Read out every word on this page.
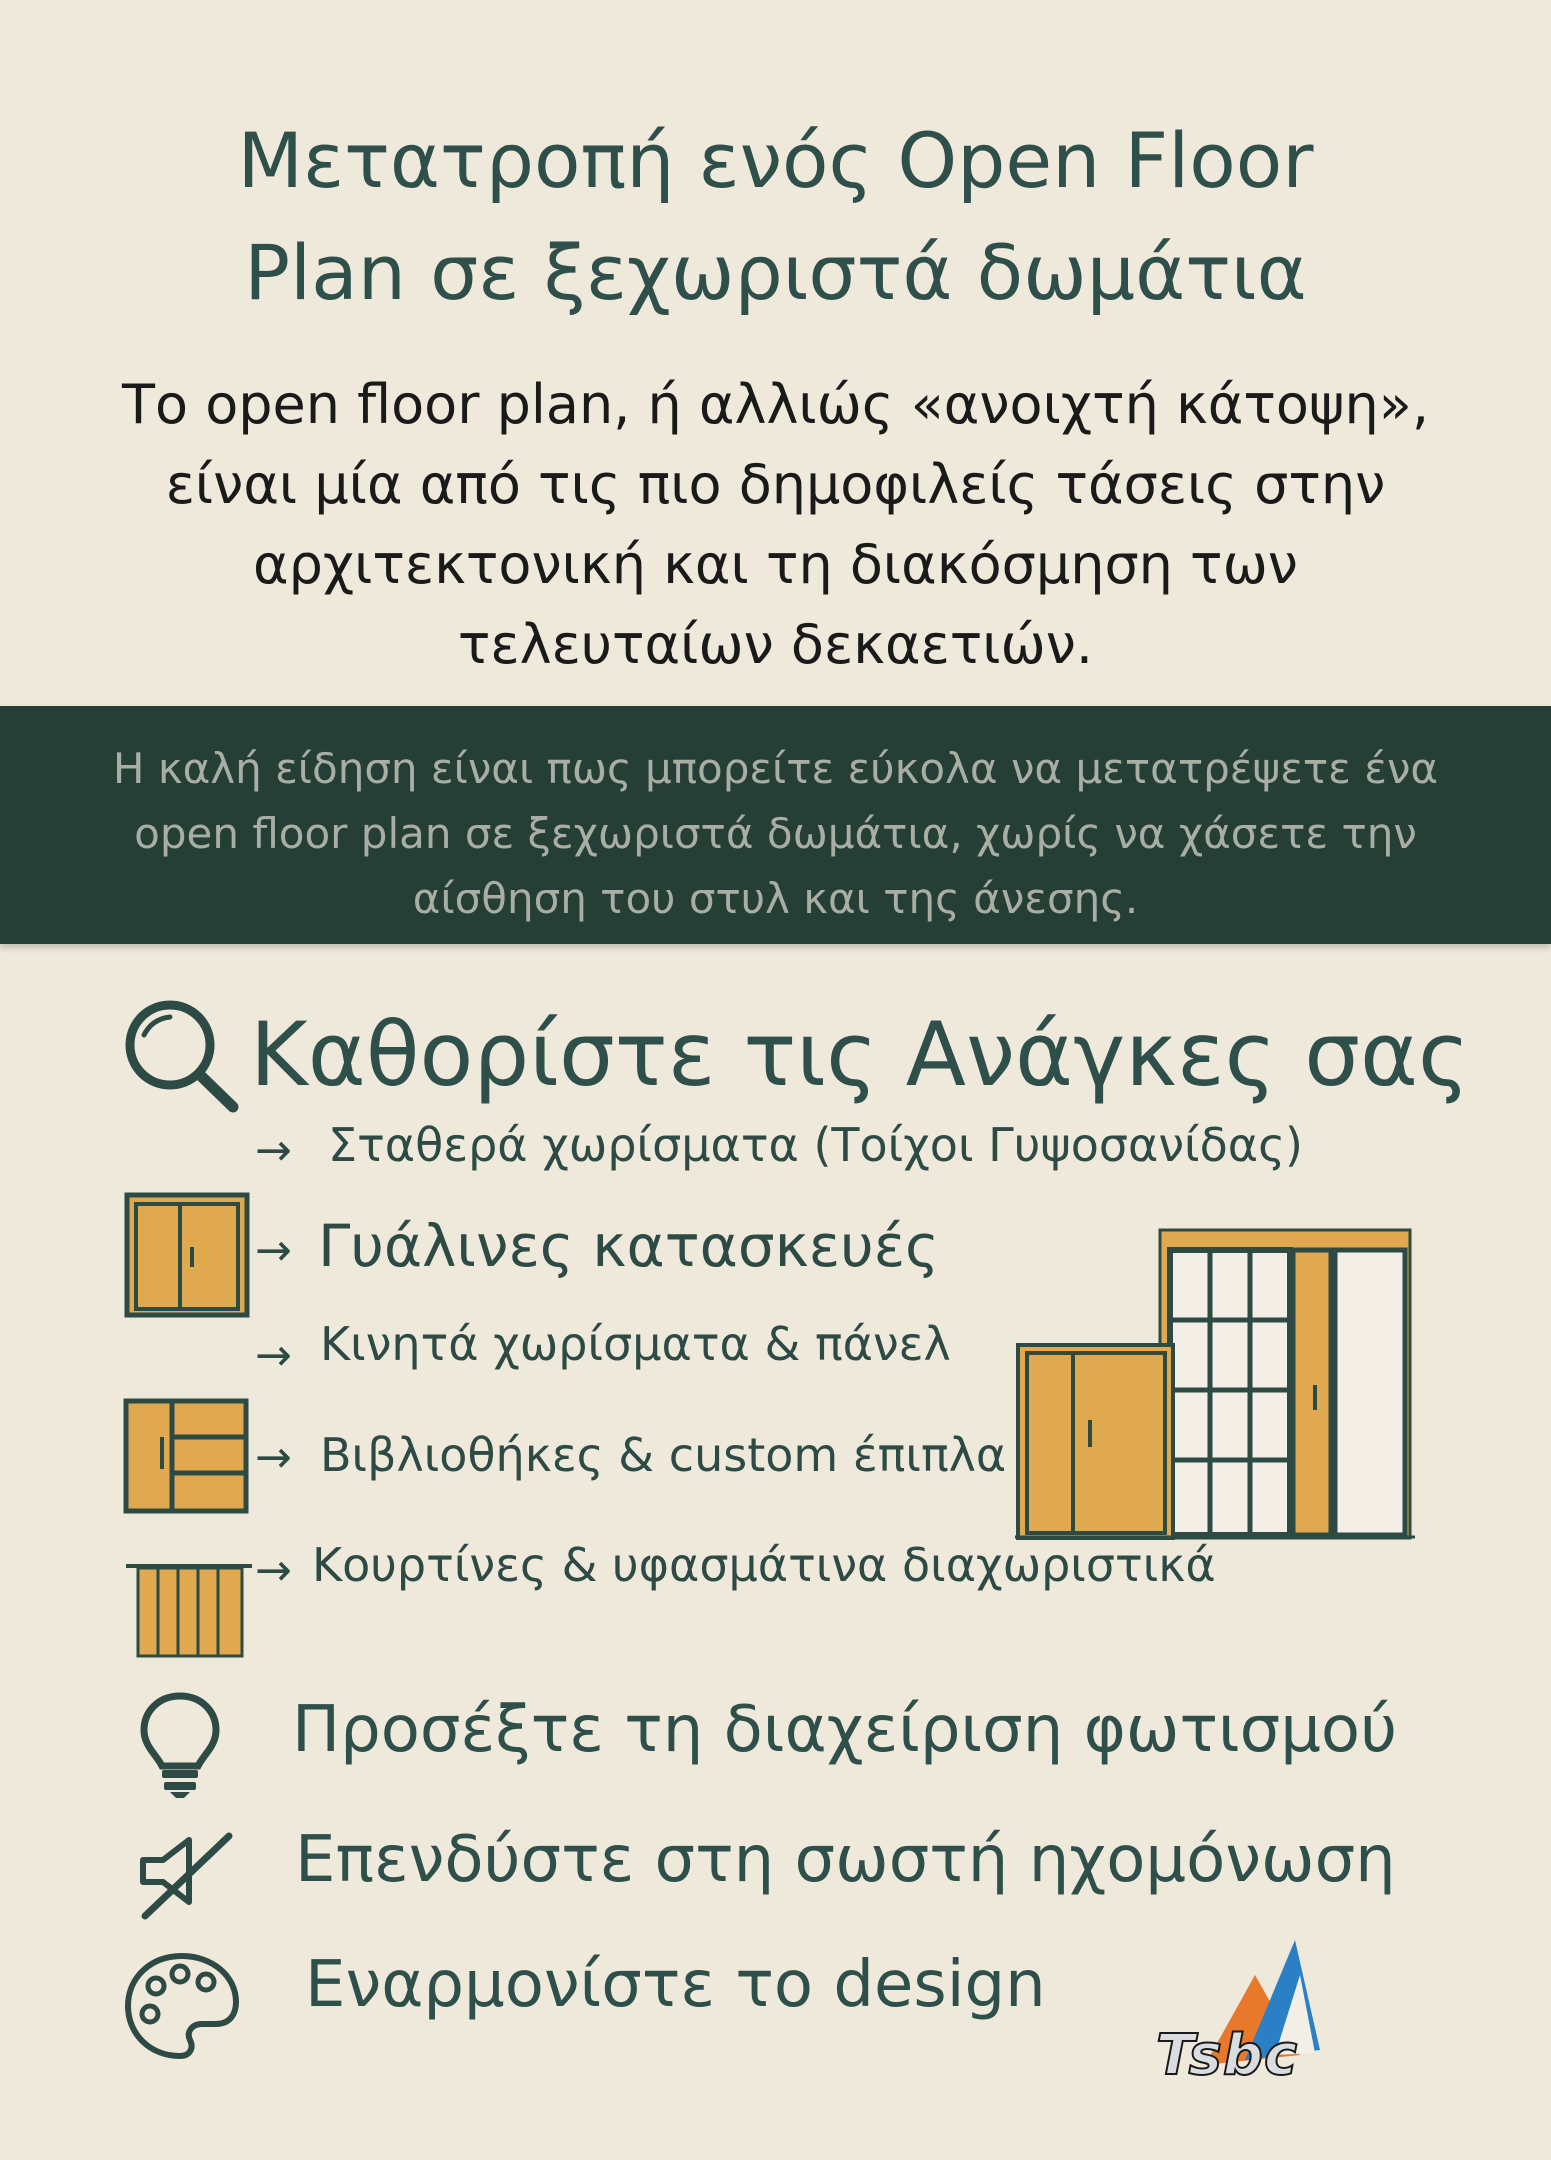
Μετατροπή ενός Open Floor
Plan σε ξεχωριστά δωμάτια
Το open floor plan, ή αλλιώς «ανοιχτή κάτοψη»,
είναι μία από τις πιο δημοφιλείς τάσεις στην
αρχιτεκτονική και τη διακόσμηση των
τελευταίων δεκαετιών.
Η καλή είδηση είναι πως μπορείτε εύκολα να μετατρέψετε ένα
open floor plan σε ξεχωριστά δωμάτια, χωρίς να χάσετε την
αίσθηση του στυλ και της άνεσης.
Καθορίστε τις Ανάγκες σας
→ Σταθερά χωρίσματα (Τοίχοι Γυψοσανίδας)
→ Γυάλινες κατασκευές
→ Κινητά χωρίσματα & πάνελ
→ Βιβλιοθήκες & custom έπιπλα
→ Κουρτίνες & υφασμάτινα διαχωριστικά
Προσέξτε τη διαχείριση φωτισμού
Επενδύστε στη σωστή ηχομόνωση
Εναρμονίστε το design
Tsbc
